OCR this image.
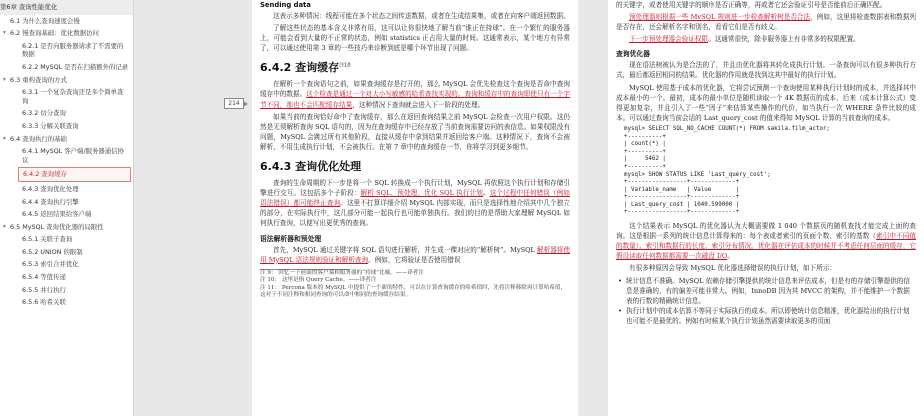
第6章 查询性能优化
6.1 为什么查询速度会慢
▾ 6.2 慢查询基础：优化数据访问
6.2.1 是否向服务器请求了不需要的数据
6.2.2 MySQL 是否在扫描额外的记录
▾ 6.3 重构查询的方式
6.3.1 一个复杂查询还是多个简单查询
6.3.2 切分查询
6.3.3 分解关联查询
▾ 6.4 查询执行的基础
6.4.1 MySQL 客户端/服务器通信协议
6.4.2 查询缓存
6.4.3 查询优化处理
6.4.4 查询执行引擎
6.4.5 返回结果给客户端
▾ 6.5 MySQL 查询优化器的局限性
6.5.1 关联子查询
6.5.2 UNION 的限制
6.5.3 索引合并优化
6.5.4 等值传递
6.5.5 并行执行
6.5.6 哈希关联
Sending data

这表示多种情况：线程可能在多个状态之间传送数据，或者在生成结果集，或者在向客户端返回数据。

了解这些状态的基本含义非常有用，这可以让你很快地了解当前“谁正在持球”。在一个繁忙的服务器上，可能会看到大量的不正常的状态，例如 statistics 正占用大量的时间。这通常表示，某个地方有异常了，可以通过使用第 3 章的一些技巧来诊断到底是哪个环节出现了问题。

6.4.2 查询缓存$^{注10}$

在解析一个查询语句之前，如果查询缓存是打开的，那么 MySQL 会优先检查这个查询是否命中查询缓存中的数据。这个检查是通过一个对大小写敏感的哈希查找实现的。查询和缓存中的查询即使只有一个字节不同，那也不会匹配缓存结果，这种情况下查询就会进入下一阶段的处理。

如果当前的查询恰好命中了查询缓存，那么在返回查询结果之前 MySQL 会检查一次用户权限。这仍然是无须解析查询 SQL 语句的，因为在查询缓存中已经存放了当前查询需要访问的表信息。如果权限没有问题，MySQL 会跳过所有其他阶段，直接从缓存中拿到结果并返回给客户端。这种情况下，查询不会被解析，不用生成执行计划，不会被执行。在第 7 章中的查询缓存一节，你将学习到更多细节。

6.4.3 查询优化处理

查询的生命周期的下一步是将一个 SQL 转换成一个执行计划，MySQL 再依照这个执行计划和存储引擎进行交互。这包括多个子阶段：解析 SQL、预处理、优化 SQL 执行计划。这个过程中任何错误（例如语法错误）都可能终止查询。这里不打算详细介绍 MySQL 内部实现，而只是选择性地介绍其中几个独立的部分，在实际执行中，这几部分可能一起执行也可能单独执行。我们的目的是帮助大家理解 MySQL 如何执行查询，以便写出更优秀的查询。

语法解析器和预处理

首先，MySQL 通过关键字将 SQL 语句进行解析，并生成一棵对应的“解析树”。MySQL 解析器将使用 MySQL 语法规则验证和解析查询。例如，它将验证是否使用错误

注 9： 回忆一下前面的客户端和服务器的“持球”比喻。——译者注
注 10： 这里是指 Query Cache。——译者注
注 11： Percona 版本的 MySQL 中提供了一个新的特性，可以在计算查询缓存的哈希值时，先将注释移除再计算哈希值，这对于不同注释和相同查询的可以命中相同的查询缓存结果。
214

的关键字，或者使用关键字的顺序是否正确等，再或者它还会验证引号是否能前后正确匹配。

预处理器则根据一些 MySQL 规则进一步检查解析树是否合法，例如，这里将检查数据表和数据列是否存在，还会解析名字和别名，看看它们是否有歧义。

下一步预处理器会验证权限。这通常很快，除非服务器上有非常多的权限配置。

查询优化器

现在语法树被认为是合法的了，并且由优化器将其转化成执行计划。一条查询可以有很多种执行方式，最后都返回相同的结果。优化器的作用就是找到这其中最好的执行计划。

MySQL 使用基于成本的优化器，它将尝试预测一个查询使用某种执行计划时的成本，并选择其中成本最小的一个。最初，成本的最小单位是随机读取一个 4K 数据页的成本，后来（成本计算公式）变得更加复杂，并且引入了一些“因子”来估算某些操作的代价，如当执行一次 WHERE 条件比较的成本。可以通过查询当前会话的 Last_query_cost 的值来得知 MySQL 计算的当前查询的成本。

mysql> SELECT SQL_NO_CACHE COUNT(*) FROM sakila.film_actor;
+----------+
| count(*) |
+----------+
|     5462 |
+----------+
mysql> SHOW STATUS LIKE 'Last_query_cost';
+-----------------+-------------+
| Variable_name   | Value       |
+-----------------+-------------+
| Last_query_cost | 1040.599000 |
+-----------------+-------------+

这个结果表示 MySQL 的优化器认为大概需要做 1 040 个数据页的随机查找才能完成上面的查询。这是根据一系列的统计信息计算得来的：每个表或者索引的页面个数、索引的基数（索引中不同值的数量）、索引和数据行的长度、索引分布情况。优化器在评估成本的时候并不考虑任何层面的缓存，它假设读取任何数据都需要一次磁盘 I/O。

有很多种原因会导致 MySQL 优化器选择错误的执行计划，如下所示：

• 统计信息不准确。MySQL 依赖存储引擎提供的统计信息来评估成本，但是有的存储引擎提供的信息是准确的，有的偏差可能非常大。例如，InnoDB 因为其 MVCC 的架构，并不能维护一个数据表的行数的精确统计信息。
• 执行计划中的成本估算不等同于实际执行的成本。所以即使统计信息精准，优化器给出的执行计划也可能不是最优的。例如有时候某个执行计划虽然需要读取更多的页面
